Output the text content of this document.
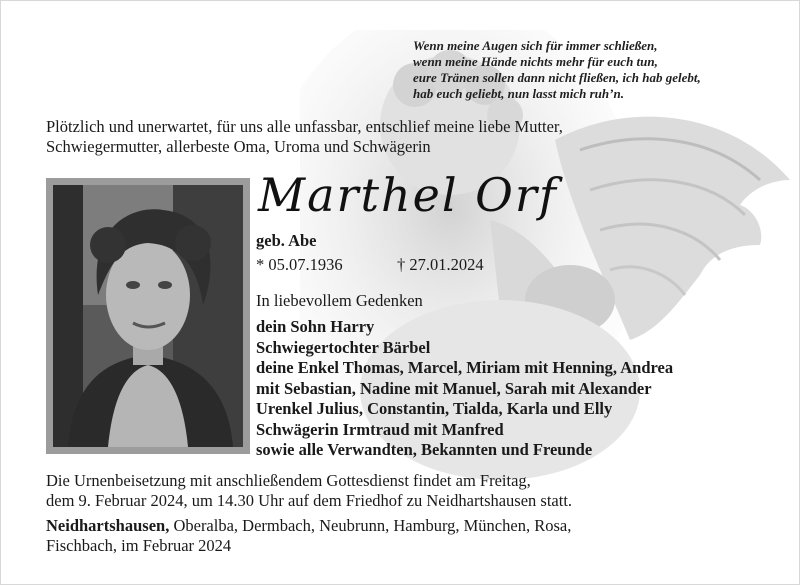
Wenn meine Augen sich für immer schließen,
wenn meine Hände nichts mehr für euch tun,
eure Tränen sollen dann nicht fließen, ich hab gelebt,
hab euch geliebt, nun lasst mich ruh’n.
Plötzlich und unerwartet, für uns alle unfassbar, entschlief meine liebe Mutter,
Schwiegermutter, allerbeste Oma, Uroma und Schwägerin
Marthel Orf
geb. Abe
* 05.07.1936	† 27.01.2024
In liebevollem Gedenken
dein Sohn Harry
Schwiegertochter Bärbel
deine Enkel Thomas, Marcel, Miriam mit Henning, Andrea
mit Sebastian, Nadine mit Manuel, Sarah mit Alexander
Urenkel Julius, Constantin, Tialda, Karla und Elly
Schwägerin Irmtraud mit Manfred
sowie alle Verwandten, Bekannten und Freunde
Die Urnenbeisetzung mit anschließendem Gottesdienst findet am Freitag,
dem 9. Februar 2024, um 14.30 Uhr auf dem Friedhof zu Neidhartshausen statt.
Neidhartshausen, Oberalba, Dermbach, Neubrunn, Hamburg, München, Rosa,
Fischbach, im Februar 2024
